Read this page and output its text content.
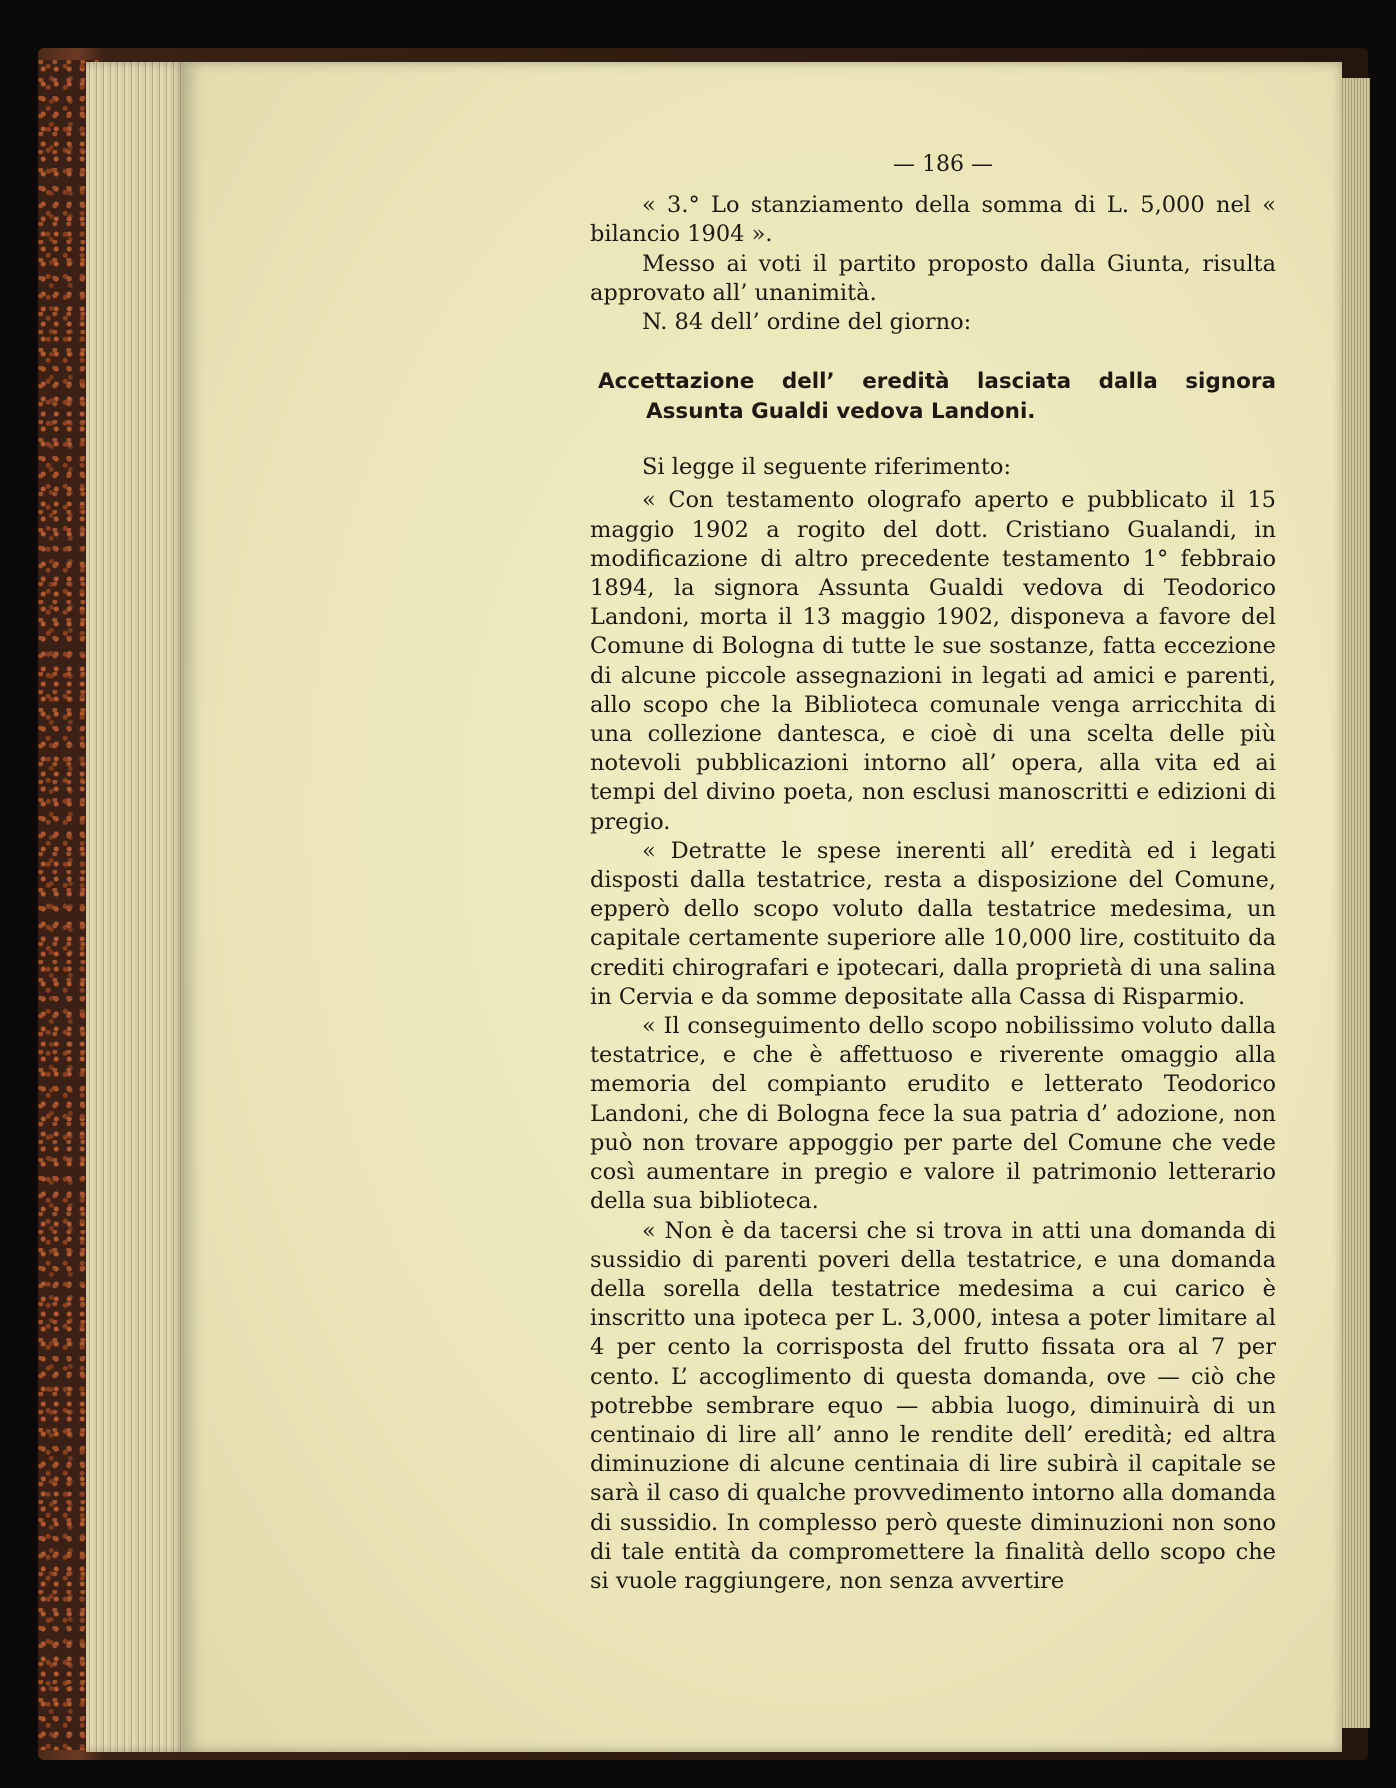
— 186 —

« 3.° Lo stanziamento della somma di L. 5,000 nel « bilancio 1904 ».

Messo ai voti il partito proposto dalla Giunta, risulta approvato all’ unanimità.

N. 84 dell’ ordine del giorno:

Accettazione dell’ eredità lasciata dalla signora Assunta Gualdi vedova Landoni.

Si legge il seguente riferimento:

« Con testamento olografo aperto e pubblicato il 15 maggio 1902 a rogito del dott. Cristiano Gualandi, in modificazione di altro precedente testamento 1° febbraio 1894, la signora Assunta Gualdi vedova di Teodorico Landoni, morta il 13 maggio 1902, disponeva a favore del Comune di Bologna di tutte le sue sostanze, fatta eccezione di alcune piccole assegnazioni in legati ad amici e parenti, allo scopo che la Biblioteca comunale venga arricchita di una collezione dantesca, e cioè di una scelta delle più notevoli pubblicazioni intorno all’ opera, alla vita ed ai tempi del divino poeta, non esclusi manoscritti e edizioni di pregio.

« Detratte le spese inerenti all’ eredità ed i legati disposti dalla testatrice, resta a disposizione del Comune, epperò dello scopo voluto dalla testatrice medesima, un capitale certamente superiore alle 10,000 lire, costituito da crediti chirografari e ipotecari, dalla proprietà di una salina in Cervia e da somme depositate alla Cassa di Risparmio.

« Il conseguimento dello scopo nobilissimo voluto dalla testatrice, e che è affettuoso e riverente omaggio alla memoria del compianto erudito e letterato Teodorico Landoni, che di Bologna fece la sua patria d’ adozione, non può non trovare appoggio per parte del Comune che vede così aumentare in pregio e valore il patrimonio letterario della sua biblioteca.

« Non è da tacersi che si trova in atti una domanda di sussidio di parenti poveri della testatrice, e una domanda della sorella della testatrice medesima a cui carico è inscritto una ipoteca per L. 3,000, intesa a poter limitare al 4 per cento la corrisposta del frutto fissata ora al 7 per cento. L’ accoglimento di questa domanda, ove — ciò che potrebbe sembrare equo — abbia luogo, diminuirà di un centinaio di lire all’ anno le rendite dell’ eredità; ed altra diminuzione di alcune centinaia di lire subirà il capitale se sarà il caso di qualche provvedimento intorno alla domanda di sussidio. In complesso però queste diminuzioni non sono di tale entità da compromettere la finalità dello scopo che si vuole raggiungere, non senza avvertire
